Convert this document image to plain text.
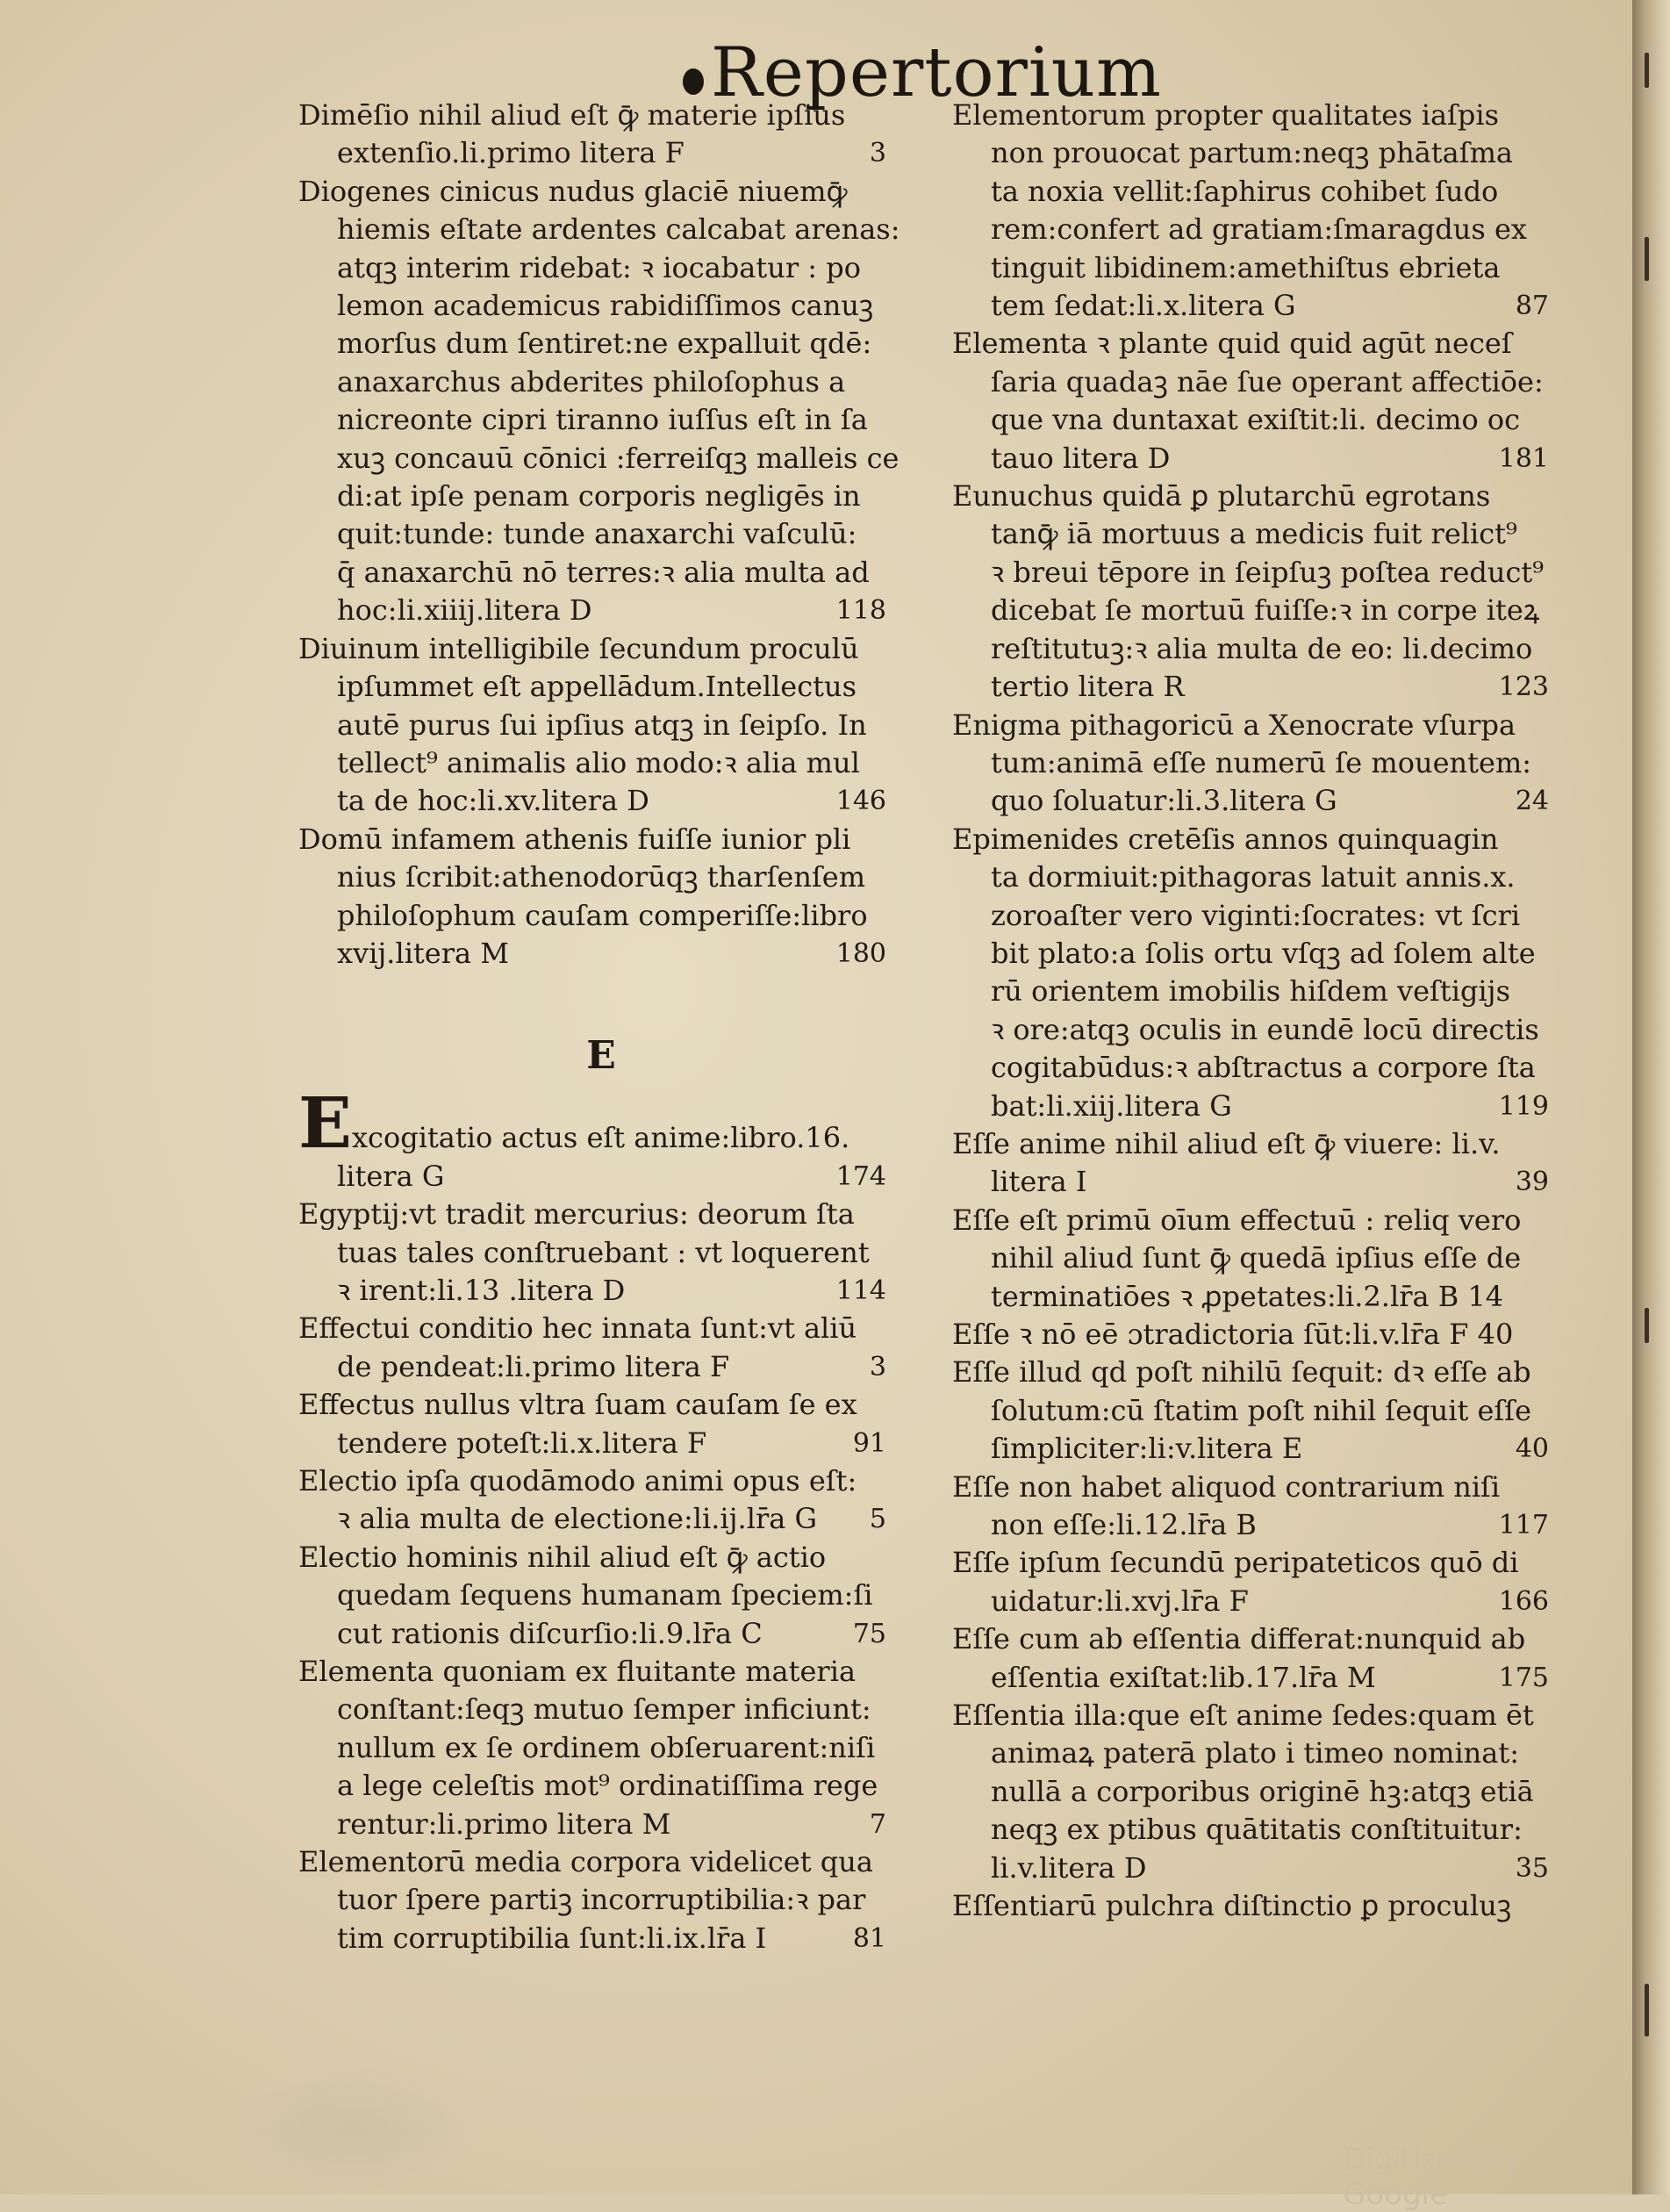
Repertorium
Dimēſio nihil aliud eſt ꝙ̄ materie ipſius
extenſio.li.primo litera F	3
Diogenes cinicus nudus glaciē niuemꝙ̄
hiemis eſtate ardentes calcabat arenas:
atqꝫ interim ridebat: ꝛ iocabatur : po
lemon academicus rabidiſſimos canuꝫ
morſus dum ſentiret:ne expalluit qdē:
anaxarchus abderites philoſophus a
nicreonte cipri tiranno iuſſus eſt in ſa
xuꝫ concauū cōnici :ferreiſqꝫ malleis ce
di:at ipſe penam corporis negligēs in
quit:tunde: tunde anaxarchi vaſculū:
q̄ anaxarchū nō terres:ꝛ alia multa ad
hoc:li.xiiij.litera D	118
Diuinum intelligibile ſecundum proculū
ipſummet eſt appellādum.Intellectus
autē purus ſui ipſius atqꝫ in ſeipſo. In
tellect⁹ animalis alio modo:ꝛ alia mul
ta de hoc:li.xv.litera D	146
Domū infamem athenis fuiſſe iunior pli
nius ſcribit:athenodorūqꝫ tharſenſem
philoſophum cauſam comperiſſe:libro
xvij.litera M	180
E
Excogitatio actus eſt anime:libro.16.
litera G	174
Egyptij:vt tradit mercurius: deorum ſta
tuas tales conſtruebant : vt loquerent
ꝛ irent:li.13 .litera D	114
Effectui conditio hec innata ſunt:vt aliū
de pendeat:li.primo litera F	3
Effectus nullus vltra ſuam cauſam ſe ex
tendere poteſt:li.x.litera F	91
Electio ipſa quodāmodo animi opus eſt:
ꝛ alia multa de electione:li.ij.lr̄a G	5
Electio hominis nihil aliud eſt ꝙ̄ actio
quedam ſequens humanam ſpeciem:ſi
cut rationis diſcurſio:li.9.lr̄a C	75
Elementa quoniam ex fluitante materia
conſtant:ſeqꝫ mutuo ſemper inficiunt:
nullum ex ſe ordinem obſeruarent:niſi
a lege celeſtis mot⁹ ordinatiſſima rege
rentur:li.primo litera M	7
Elementorū media corpora videlicet qua
tuor ſpere partiꝫ incorruptibilia:ꝛ par
tim corruptibilia ſunt:li.ix.lr̄a I	81
Elementorum propter qualitates iaſpis
non prouocat partum:neqꝫ phātaſma
ta noxia vellit:ſaphirus cohibet ſudo
rem:confert ad gratiam:ſmaragdus ex
tinguit libidinem:amethiſtus ebrieta
tem ſedat:li.x.litera G	87
Elementa ꝛ plante quid quid agūt neceſ
ſaria quadaꝫ nāe ſue operant affectiōe:
que vna duntaxat exiſtit:li. decimo oc
tauo litera D	181
Eunuchus quidā ꝑ plutarchū egrotans
tanꝙ̄ iā mortuus a medicis fuit relict⁹
ꝛ breui tēpore in ſeipſuꝫ poſtea reduct⁹
dicebat ſe mortuū fuiſſe:ꝛ in corpe iteꝝ
reſtitutuꝫ:ꝛ alia multa de eo: li.decimo
tertio litera R	123
Enigma pithagoricū a Xenocrate vſurpa
tum:animā eſſe numerū ſe mouentem:
quo ſoluatur:li.3.litera G	24
Epimenides cretēſis annos quinquagin
ta dormiuit:pithagoras latuit annis.x.
zoroaſter vero viginti:ſocrates: vt ſcri
bit plato:a ſolis ortu vſqꝫ ad ſolem alte
rū orientem imobilis hiſdem veſtigijs
ꝛ ore:atqꝫ oculis in eundē locū directis
cogitabūdus:ꝛ abſtractus a corpore ſta
bat:li.xiij.litera G	119
Eſſe anime nihil aliud eſt ꝙ̄ viuere: li.v.
litera I	39
Eſſe eſt primū oīum effectuū : reliq vero
nihil aliud ſunt ꝙ̄ quedā ipſius eſſe de
terminatiōes ꝛ ꝓpetates:li.2.lr̄a B 14
Eſſe ꝛ nō eē ɔtradictoria ſūt:li.v.lr̄a F 40
Eſſe illud qd poſt nihilū ſequit: dꝛ eſſe ab
ſolutum:cū ſtatim poſt nihil ſequit eſſe
ſimpliciter:li:v.litera E	40
Eſſe non habet aliquod contrarium niſi
non eſſe:li.12.lr̄a B	117
Eſſe ipſum ſecundū peripateticos quō di
uidatur:li.xvj.lr̄a F	166
Eſſe cum ab eſſentia differat:nunquid ab
eſſentia exiſtat:lib.17.lr̄a M	175
Eſſentia illa:que eſt anime ſedes:quam ēt
animaꝝ paterā plato i timeo nominat:
nullā a corporibus originē hꝫ:atqꝫ etiā
neqꝫ ex ptibus quātitatis conſtituitur:
li.v.litera D	35
Eſſentiarū pulchra diſtinctio ꝑ proculuꝫ
Digitized by Google
